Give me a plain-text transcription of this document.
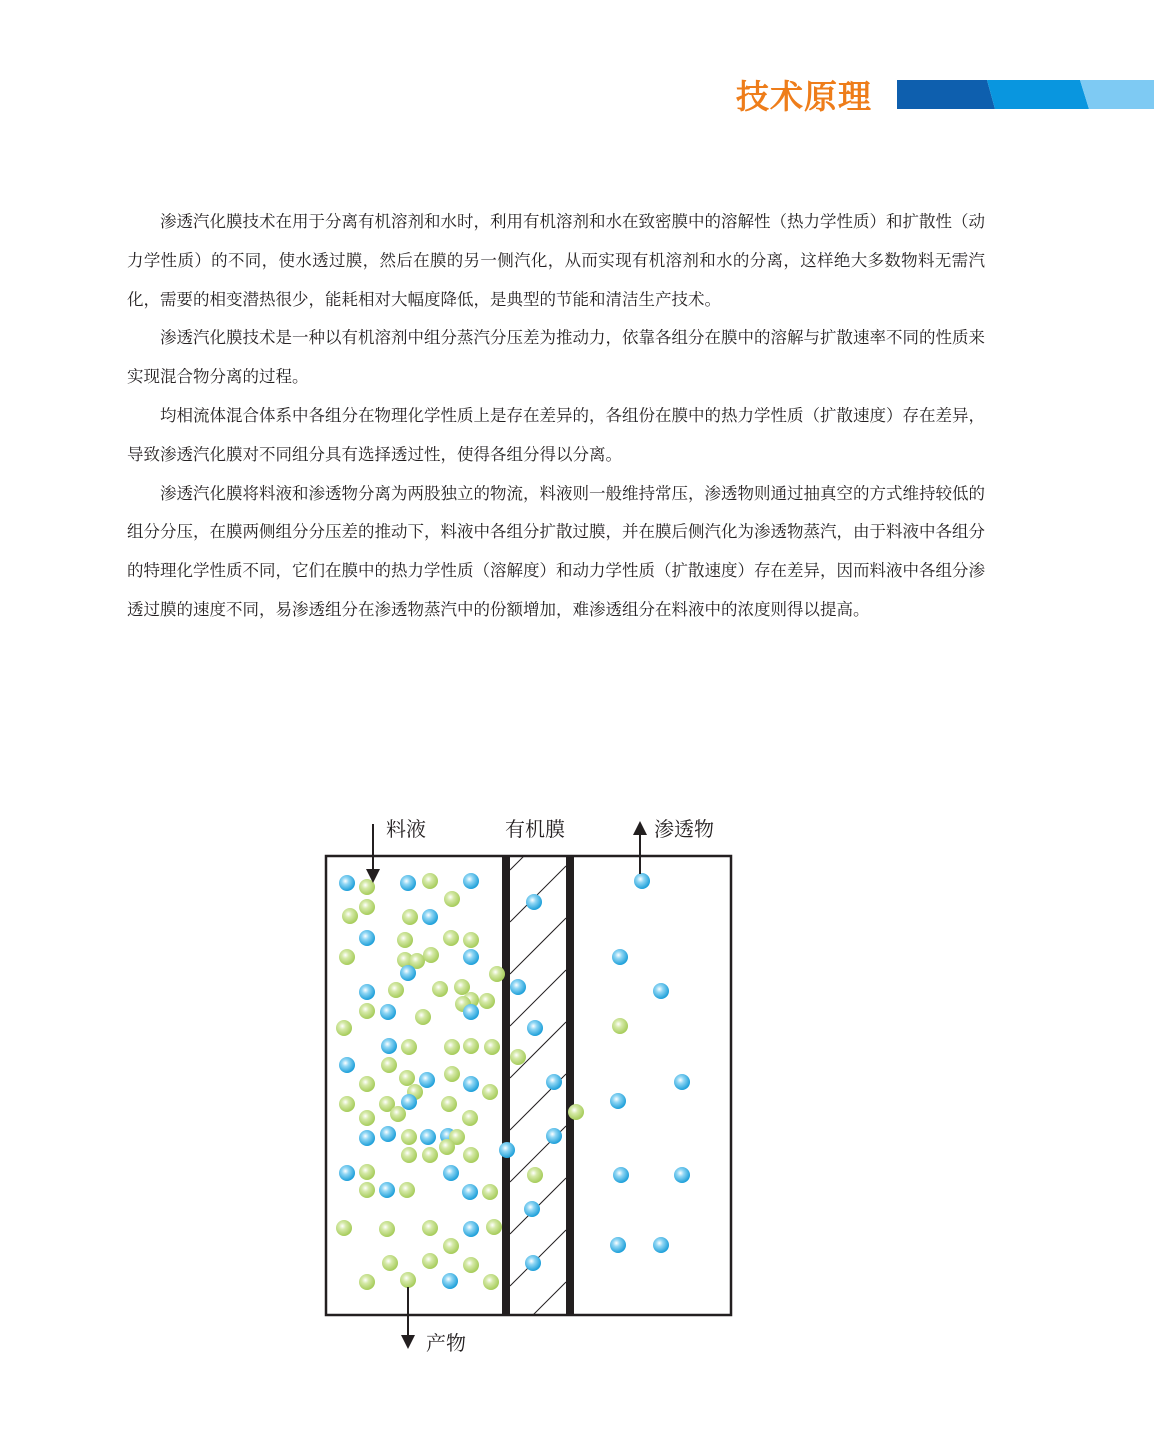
技术原理

渗透汽化膜技术在用于分离有机溶剂和水时，利用有机溶剂和水在致密膜中的溶解性（热力学性质）和扩散性（动力学性质）的不同，使水透过膜，然后在膜的另一侧汽化，从而实现有机溶剂和水的分离，这样绝大多数物料无需汽化，需要的相变潜热很少，能耗相对大幅度降低，是典型的节能和清洁生产技术。

渗透汽化膜技术是一种以有机溶剂中组分蒸汽分压差为推动力，依靠各组分在膜中的溶解与扩散速率不同的性质来实现混合物分离的过程。

均相流体混合体系中各组分在物理化学性质上是存在差异的，各组份在膜中的热力学性质（扩散速度）存在差异，导致渗透汽化膜对不同组分具有选择透过性，使得各组分得以分离。

渗透汽化膜将料液和渗透物分离为两股独立的物流，料液则一般维持常压，渗透物则通过抽真空的方式维持较低的组分分压，在膜两侧组分分压差的推动下，料液中各组分扩散过膜，并在膜后侧汽化为渗透物蒸汽，由于料液中各组分的特理化学性质不同，它们在膜中的热力学性质（溶解度）和动力学性质（扩散速度）存在差异，因而料液中各组分渗透过膜的速度不同，易渗透组分在渗透物蒸汽中的份额增加，难渗透组分在料液中的浓度则得以提高。

料液	有机膜	渗透物
产物
